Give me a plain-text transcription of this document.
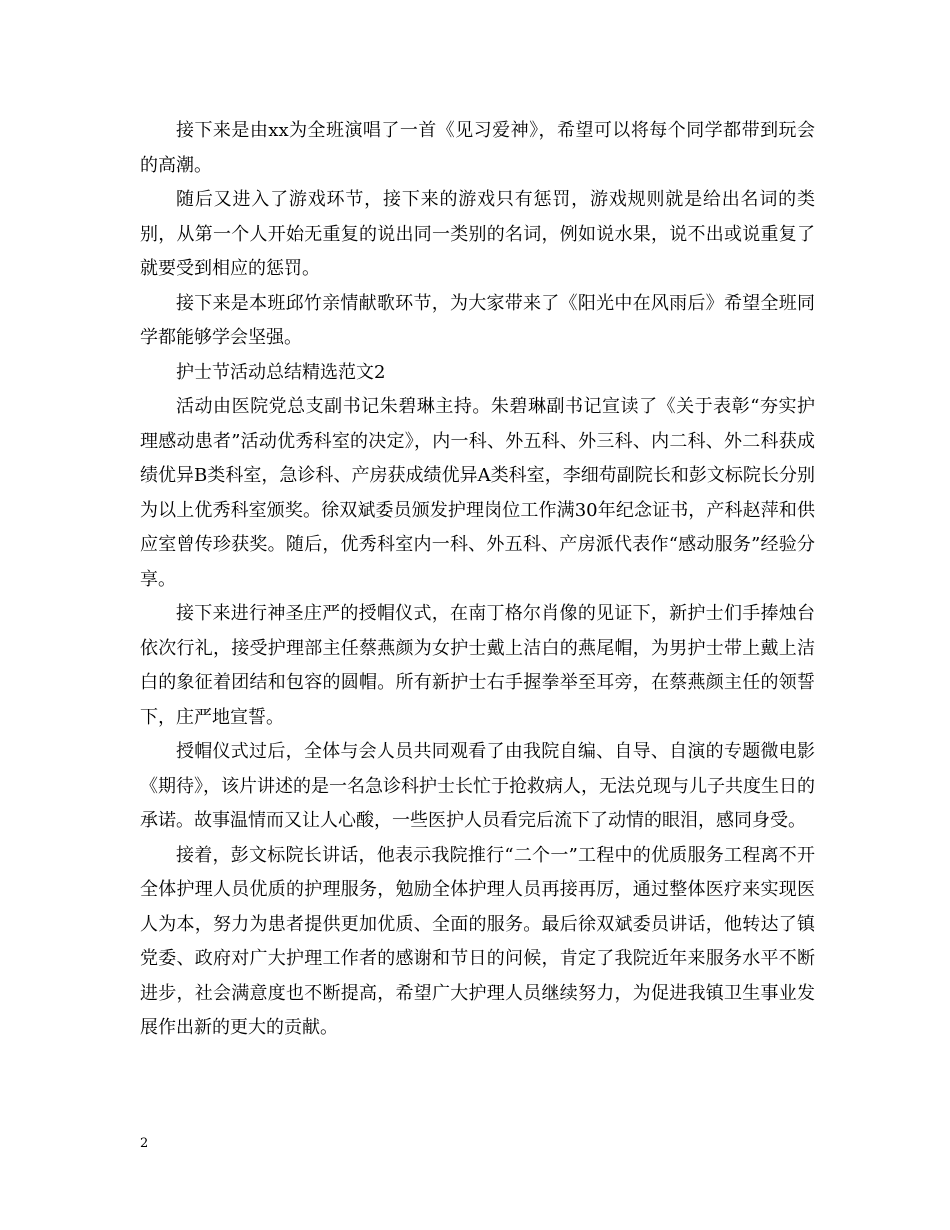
接下来是由xx为全班演唱了一首《见习爱神》，希望可以将每个同学都带到玩会的高潮。

随后又进入了游戏环节，接下来的游戏只有惩罚，游戏规则就是给出名词的类别，从第一个人开始无重复的说出同一类别的名词，例如说水果，说不出或说重复了就要受到相应的惩罚。

接下来是本班邱竹亲情献歌环节，为大家带来了《阳光中在风雨后》希望全班同学都能够学会坚强。

护士节活动总结精选范文2

活动由医院党总支副书记朱碧琳主持。朱碧琳副书记宣读了《关于表彰“夯实护理感动患者”活动优秀科室的决定》，内一科、外五科、外三科、内二科、外二科获成绩优异B类科室，急诊科、产房获成绩优异A类科室，李细苟副院长和彭文标院长分别为以上优秀科室颁奖。徐双斌委员颁发护理岗位工作满30年纪念证书，产科赵萍和供应室曾传珍获奖。随后，优秀科室内一科、外五科、产房派代表作“感动服务”经验分享。

接下来进行神圣庄严的授帽仪式，在南丁格尔肖像的见证下，新护士们手捧烛台依次行礼，接受护理部主任蔡燕颜为女护士戴上洁白的燕尾帽，为男护士带上戴上洁白的象征着团结和包容的圆帽。所有新护士右手握拳举至耳旁，在蔡燕颜主任的领誓下，庄严地宣誓。

授帽仪式过后，全体与会人员共同观看了由我院自编、自导、自演的专题微电影《期待》，该片讲述的是一名急诊科护士长忙于抢救病人，无法兑现与儿子共度生日的承诺。故事温情而又让人心酸，一些医护人员看完后流下了动情的眼泪，感同身受。

接着，彭文标院长讲话，他表示我院推行“二个一”工程中的优质服务工程离不开全体护理人员优质的护理服务，勉励全体护理人员再接再厉，通过整体医疗来实现医人为本，努力为患者提供更加优质、全面的服务。最后徐双斌委员讲话，他转达了镇党委、政府对广大护理工作者的感谢和节日的问候，肯定了我院近年来服务水平不断进步，社会满意度也不断提高，希望广大护理人员继续努力，为促进我镇卫生事业发展作出新的更大的贡献。

2
